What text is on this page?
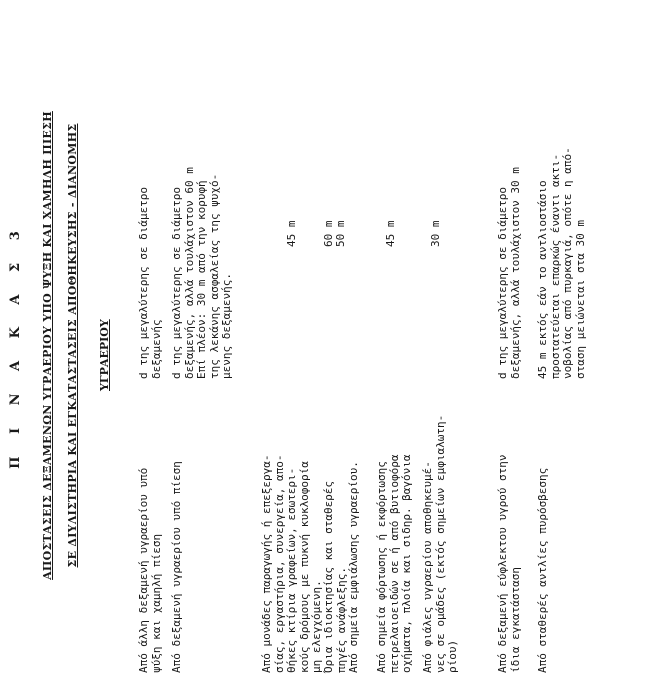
Π Ι Ν Α Κ Α Σ 3 ΑΠΟΣΤΑΣΕΙΣ ΔΕΞΑΜΕΝΩΝ ΥΓΡΑΕΡΙΟΥ ΥΠΟ ΨΥΞΗ ΚΑΙ ΧΑΜΗΛΗ ΠΙΕΣΗ ΣΕ ΔΙΥΛΙΣΤΗΡΙΑ ΚΑΙ ΕΓΚΑΤΑΣΤΑΣΕΙΣ ΑΠΟΘΗΚΕΥΣΗΣ - ΔΙΑΝΟΜΗΣ ΥΓΡΑΕΡΙΟΥ
Από άλλη δεξαμενή υγραερίου υπό ψύξη και χαμηλή πίεση
d της μεγαλύτερης σε διάμετρο δεξαμενής
Από δεξαμενή υγραερίου υπό πίεση
d της μεγαλύτερης σε διάμετρο δεξαμενής, αλλά τουλάχιστον 60 m Επί πλέον: 30 m από την κορυφή της λεκάνης ασφαλείας της ψυχό- μενης δεξαμενής.
Από μονάδες παραγωγής ή επεξεργα- σίας, εργαστήρια, συνεργεία, απο- θήκες κτίρια γραφείων, εσωτερι- κούς δρόμους με πυκνή κυκλοφορία μη ελεγχόμενη.
45 m
Όρια ιδιοκτησίας και σταθερές πηγές ανάφλεξης.
60 m
Από σημεία εμφιάλωσης υγραερίου.
50 m
Από σημεία φόρτωσης ή εκφόρτωσης πετρελαιοειδών σε ή από βυτιοφόρα οχήματα, πλοία και σιδηρ. βαγόνια
45 m
Από φιάλες υγραερίου αποθηκευμέ- νες σε ομάδες (εκτός σημείων εμφιαλωτη- ρίου)
30 m
Από δεξαμενή εύφλεκτου υγρού στην ίδια εγκατάσταση
d της μεγαλύτερης σε διάμετρο δεξαμενής, αλλά τουλάχιστον 30 m
Από σταθερές αντλίες πυρόσβεσης
45 m εκτός εάν το αντλιοστάσιο προστατεύεται επαρκώς έναντι ακτι- νοβολίας από πυρκαγιά, οπότε η από- σταση μειώνεται στα 30 m
